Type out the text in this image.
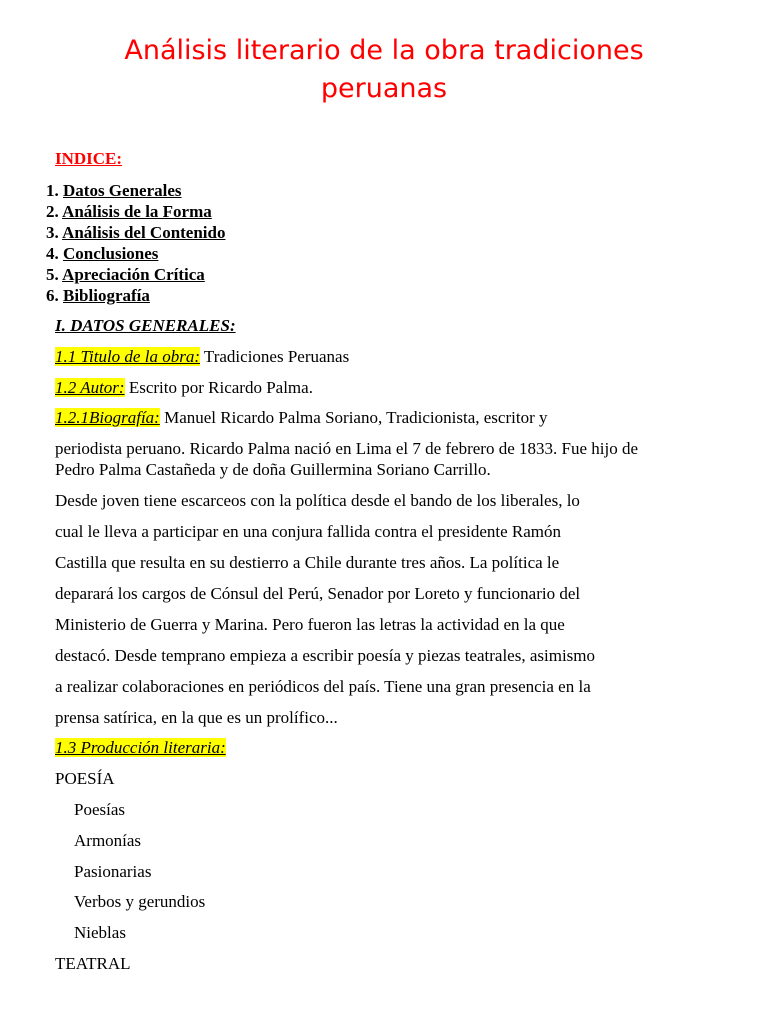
Análisis literario de la obra tradiciones
peruanas
INDICE:
1. Datos Generales
2. Análisis de la Forma
3. Análisis del Contenido
4. Conclusiones
5. Apreciación Crítica
6. Bibliografía
I. DATOS GENERALES:
1.1 Titulo de la obra: Tradiciones Peruanas
1.2 Autor: Escrito por Ricardo Palma.
1.2.1Biografía: Manuel Ricardo Palma Soriano, Tradicionista, escritor y
periodista peruano. Ricardo Palma nació en Lima el 7 de febrero de 1833. Fue hijo de
Pedro Palma Castañeda y de doña Guillermina Soriano Carrillo.
Desde joven tiene escarceos con la política desde el bando de los liberales, lo
cual le lleva a participar en una conjura fallida contra el presidente Ramón
Castilla que resulta en su destierro a Chile durante tres años. La política le
deparará los cargos de Cónsul del Perú, Senador por Loreto y funcionario del
Ministerio de Guerra y Marina. Pero fueron las letras la actividad en la que
destacó. Desde temprano empieza a escribir poesía y piezas teatrales, asimismo
a realizar colaboraciones en periódicos del país. Tiene una gran presencia en la
prensa satírica, en la que es un prolífico...
1.3 Producción literaria:
POESÍA
Poesías
Armonías
Pasionarias
Verbos y gerundios
Nieblas
TEATRAL
